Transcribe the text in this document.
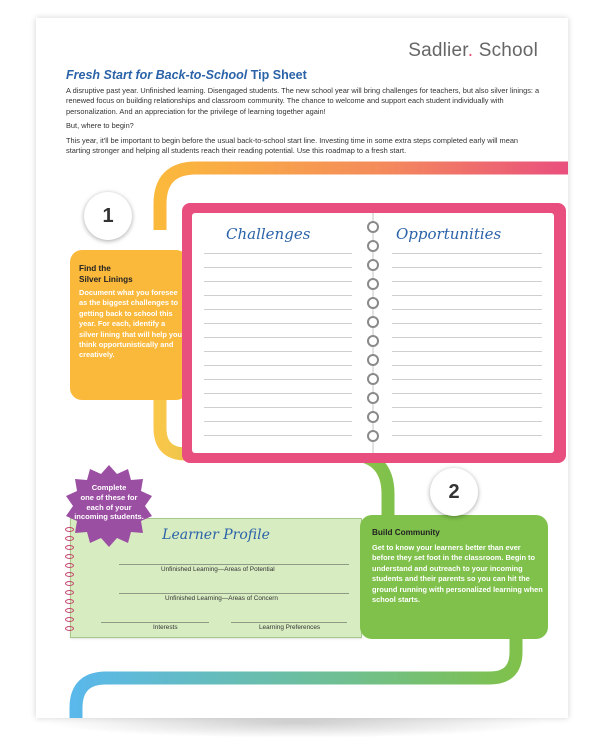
Sadlier. School
Fresh Start for Back-to-School Tip Sheet

A disruptive past year. Unfinished learning. Disengaged students. The new school year will bring challenges for teachers, but also silver linings: a renewed focus on building relationships and classroom community. The chance to welcome and support each student individually with personalization. And an appreciation for the privilege of learning together again!

But, where to begin?

This year, it'll be important to begin before the usual back-to-school start line. Investing time in some extra steps completed early will mean starting stronger and helping all students reach their reading potential. Use this roadmap to a fresh start.

Find the
Silver Linings
Document what you foresee as the biggest challenges to getting back to school this year. For each, identify a silver lining that will help you think opportunistically and creatively.
1
Challenges	Opportunities
Learner Profile
Unfinished Learning—Areas of Potential
Unfinished Learning—Areas of Concern
Interests	Learning Preferences
Complete
one of these for
each of your
incoming students.
Build Community
Get to know your learners better than ever before they set foot in the classroom. Begin to understand and outreach to your incoming students and their parents so you can hit the ground running with personalized learning when school starts.
2
